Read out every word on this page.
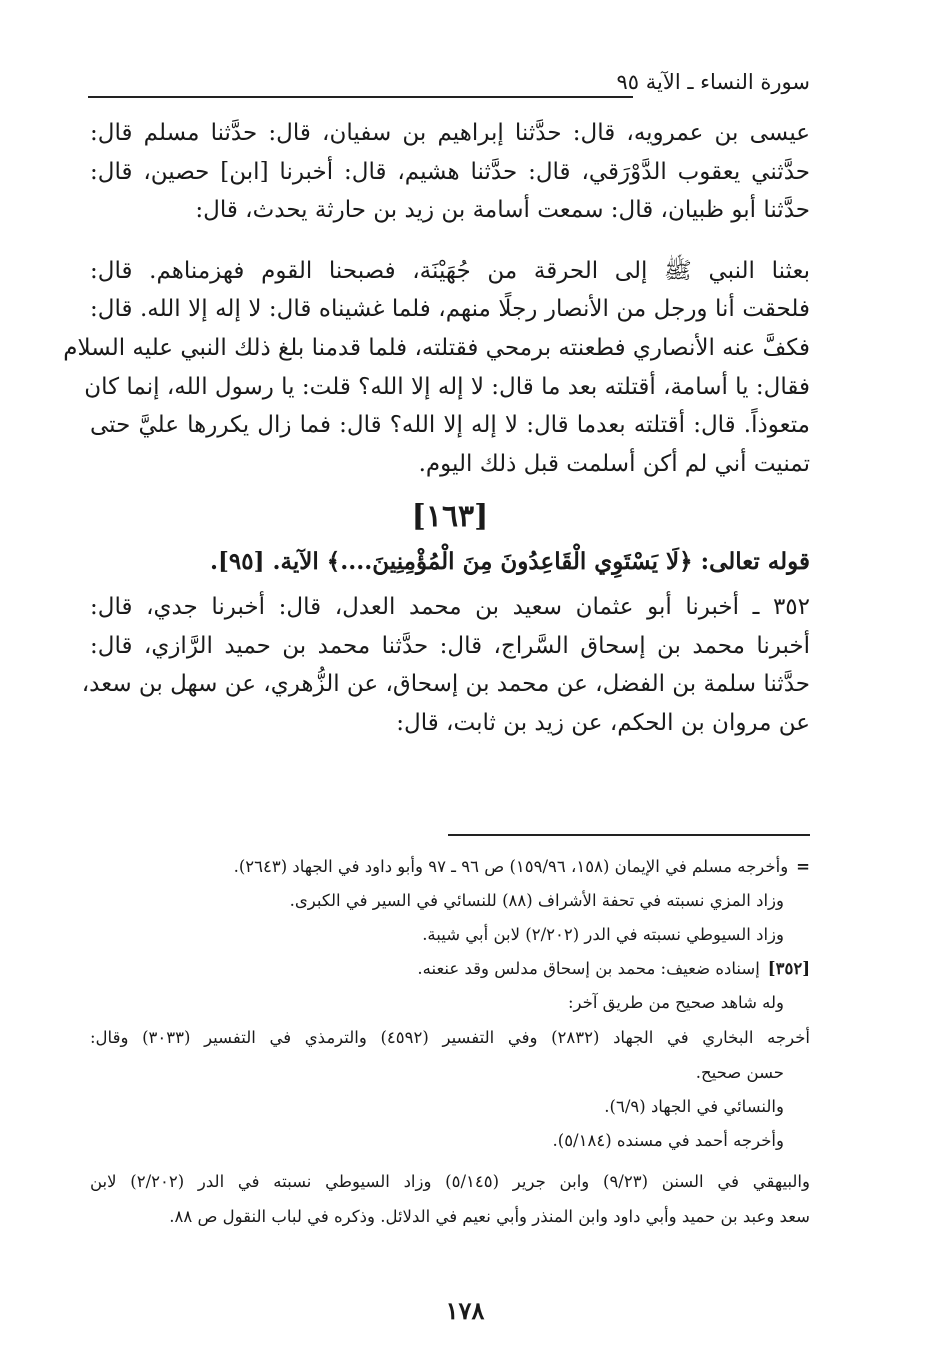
سورة النساء ـ الآية ٩٥
عيسى بن عمرويه، قال: حدَّثنا إبراهيم بن سفيان، قال: حدَّثنا مسلم قال:
حدَّثني يعقوب الدَّوْرَقي، قال: حدَّثنا هشيم، قال: أخبرنا [ابن] حصين، قال:
حدَّثنا أبو ظبيان، قال: سمعت أسامة بن زيد بن حارثة يحدث، قال:
بعثنا النبي ﷺ إلى الحرقة من جُهَيْنَة، فصبحنا القوم فهزمناهم. قال:
فلحقت أنا ورجل من الأنصار رجلًا منهم، فلما غشيناه قال: لا إله إلا الله. قال:
فكفَّ عنه الأنصاري فطعنته برمحي فقتلته، فلما قدمنا بلغ ذلك النبي عليه السلام
فقال: يا أسامة، أقتلته بعد ما قال: لا إله إلا الله؟ قلت: يا رسول الله، إنما كان
متعوذاً. قال: أقتلته بعدما قال: لا إله إلا الله؟ قال: فما زال يكررها عليَّ حتى
تمنيت أني لم أكن أسلمت قبل ذلك اليوم.
[١٦٣]
قوله تعالى: ﴿لَا يَسْتَوِي الْقَاعِدُونَ مِنَ الْمُؤْمِنِينَ....﴾ الآية. [٩٥].
٣٥٢ ـ أخبرنا أبو عثمان سعيد بن محمد العدل، قال: أخبرنا جدي، قال:
أخبرنا محمد بن إسحاق السَّراج، قال: حدَّثنا محمد بن حميد الرَّازي، قال:
حدَّثنا سلمة بن الفضل، عن محمد بن إسحاق، عن الزُّهري، عن سهل بن سعد،
عن مروان بن الحكم، عن زيد بن ثابت، قال:
=وأخرجه مسلم في الإيمان (١٥٨، ١٥٩/٩٦) ص ٩٦ ـ ٩٧ وأبو داود في الجهاد (٢٦٤٣).
وزاد المزي نسبته في تحفة الأشراف (٨٨) للنسائي في السير في الكبرى.
وزاد السيوطي نسبته في الدر (٢/٢٠٢) لابن أبي شيبة.
[٣٥٢]إسناده ضعيف: محمد بن إسحاق مدلس وقد عنعنه.
وله شاهد صحيح من طريق آخر:
أخرجه البخاري في الجهاد (٢٨٣٢) وفي التفسير (٤٥٩٢) والترمذي في التفسير (٣٠٣٣) وقال:
حسن صحيح.
والنسائي في الجهاد (٦/٩).
وأخرجه أحمد في مسنده (٥/١٨٤).
والبيهقي في السنن (٩/٢٣) وابن جرير (٥/١٤٥) وزاد السيوطي نسبته في الدر (٢/٢٠٢) لابن
سعد وعبد بن حميد وأبي داود وابن المنذر وأبي نعيم في الدلائل. وذكره في لباب النقول ص ٨٨.
١٧٨
